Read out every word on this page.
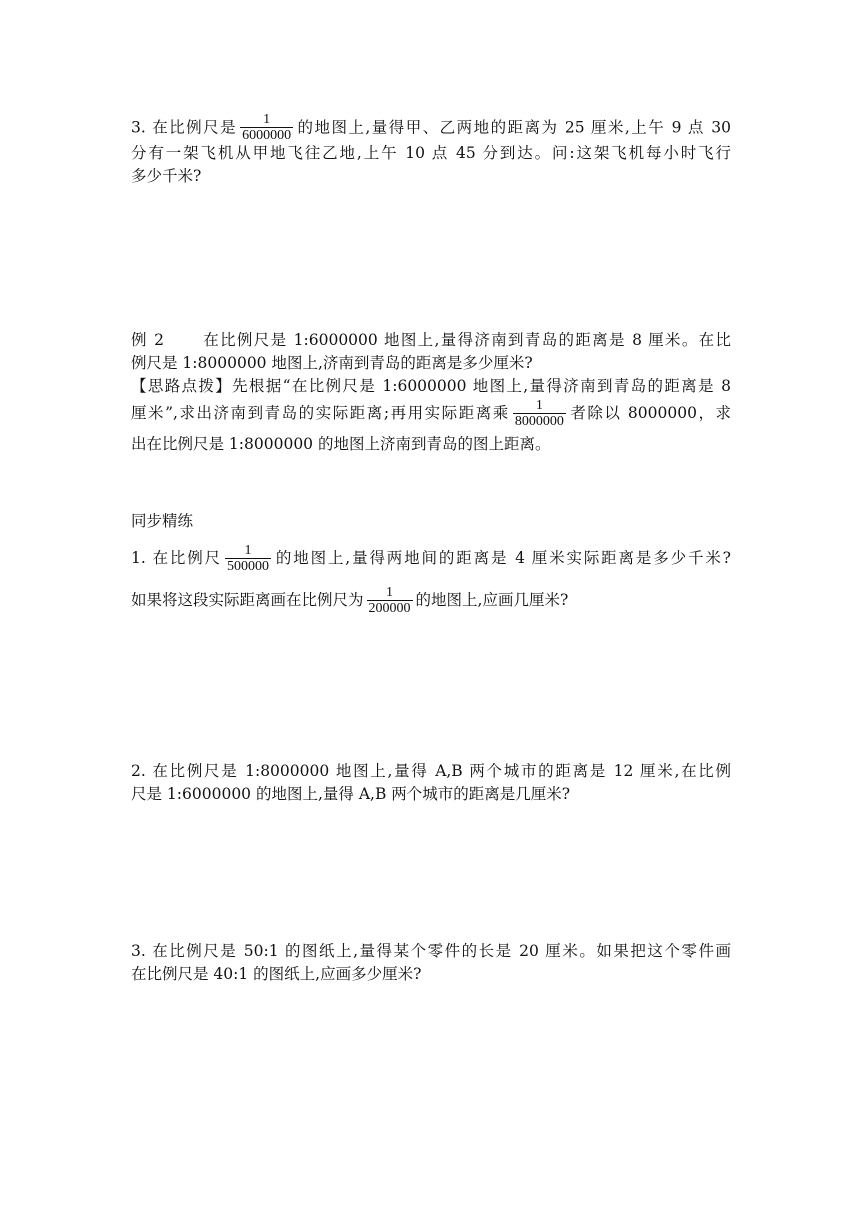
3. 在比例尺是 $\frac{1}{6000000}$ 的地图上,量得甲、乙两地的距离为 25 厘米,上午 9 点 30
分有一架飞机从甲地飞往乙地,上午 10 点 45 分到达。问:这架飞机每小时飞行
多少千米?
例 2 在比例尺是 1:6000000 地图上,量得济南到青岛的距离是 8 厘米。在比
例尺是 1:8000000 地图上,济南到青岛的距离是多少厘米?
【思路点拨】先根据“在比例尺是 1:6000000 地图上,量得济南到青岛的距离是 8
厘米”,求出济南到青岛的实际距离;再用实际距离乘 $\frac{1}{8000000}$ 者除以 8000000，求
出在比例尺是 1:8000000 的地图上济南到青岛的图上距离。
同步精练
1. 在比例尺 $\frac{1}{500000}$ 的地图上,量得两地间的距离是 4 厘米实际距离是多少千米?
如果将这段实际距离画在比例尺为 $\frac{1}{200000}$ 的地图上,应画几厘米?
2. 在比例尺是 1:8000000 地图上,量得 A,B 两个城市的距离是 12 厘米,在比例
尺是 1:6000000 的地图上,量得 A,B 两个城市的距离是几厘米?
3. 在比例尺是 50:1 的图纸上,量得某个零件的长是 20 厘米。如果把这个零件画
在比例尺是 40:1 的图纸上,应画多少厘米?
